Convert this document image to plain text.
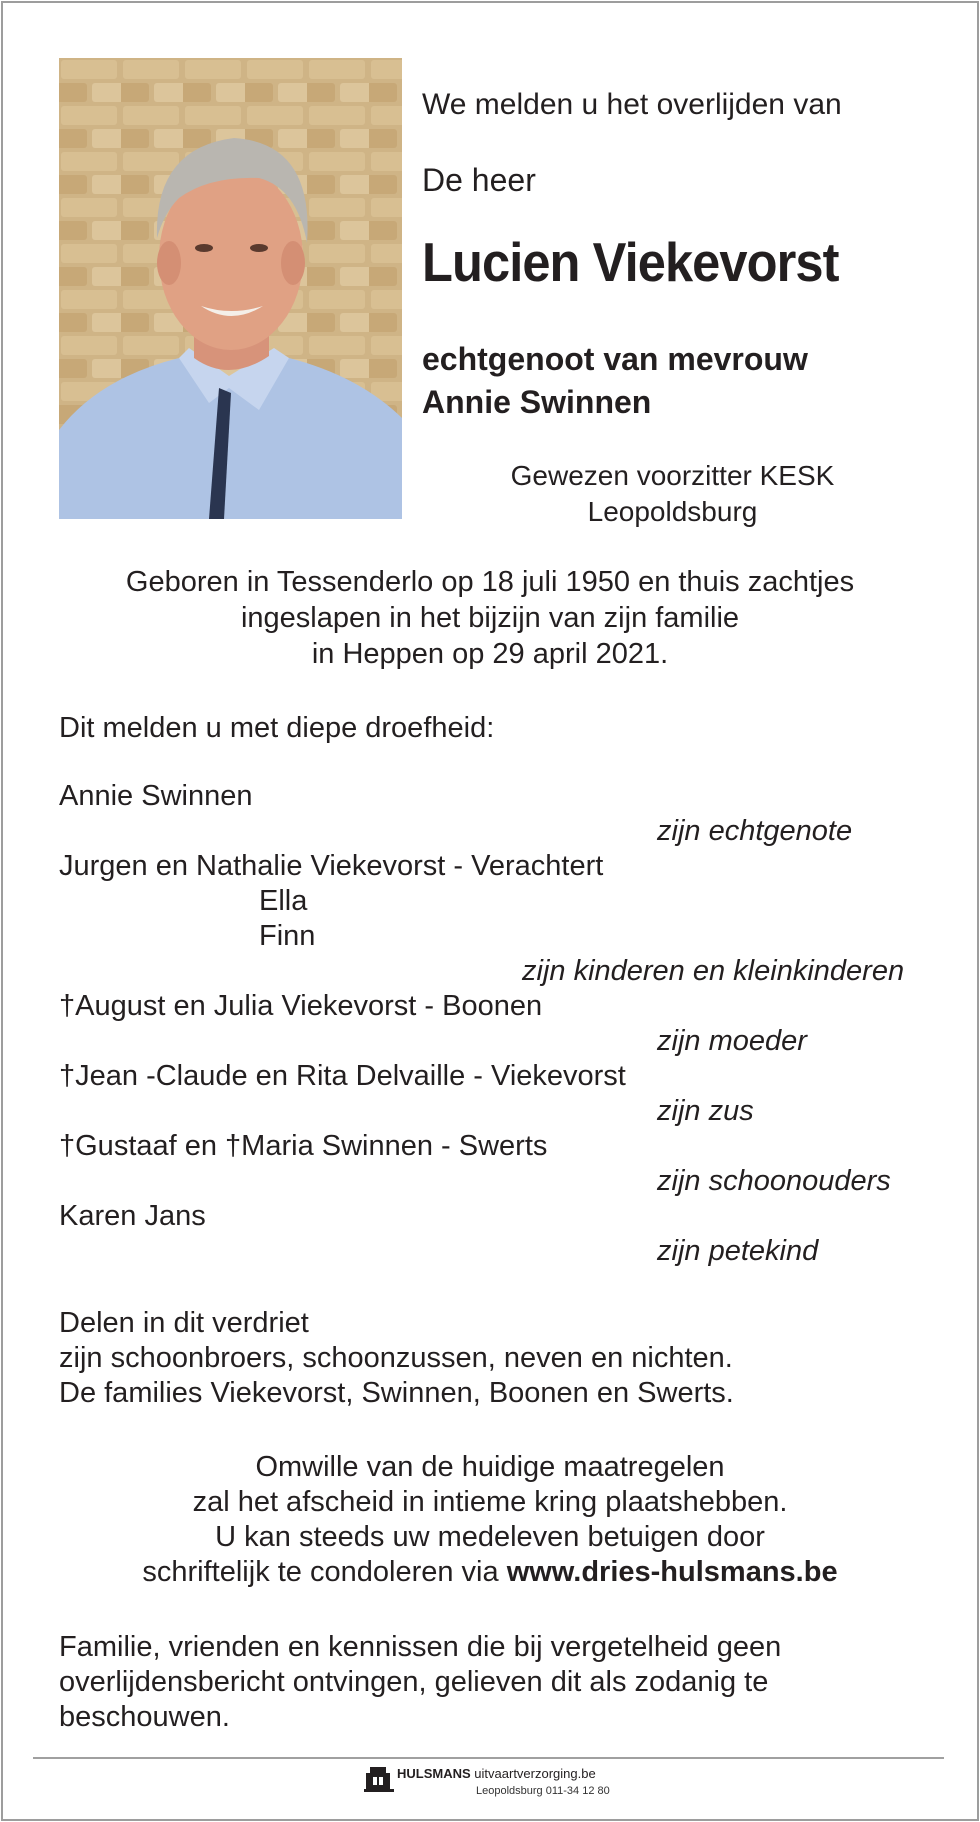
We melden u het overlijden van
De heer
Lucien Viekevorst
echtgenoot van mevrouw
Annie Swinnen
Gewezen voorzitter KESK
Leopoldsburg
Geboren in Tessenderlo op 18 juli 1950 en thuis zachtjes
ingeslapen in het bijzijn van zijn familie
in Heppen op 29 april 2021.
Dit melden u met diepe droefheid:
Annie Swinnen
zijn echtgenote
Jurgen en Nathalie Viekevorst - Verachtert
Ella
Finn
zijn kinderen en kleinkinderen
†August en Julia Viekevorst - Boonen
zijn moeder
†Jean -Claude en Rita Delvaille - Viekevorst
zijn zus
†Gustaaf en †Maria Swinnen - Swerts
zijn schoonouders
Karen Jans
zijn petekind
Delen in dit verdriet
zijn schoonbroers, schoonzussen, neven en nichten.
De families Viekevorst, Swinnen, Boonen en Swerts.
Omwille van de huidige maatregelen
zal het afscheid in intieme kring plaatshebben.
U kan steeds uw medeleven betuigen door
schriftelijk te condoleren via www.dries-hulsmans.be
Familie, vrienden en kennissen die bij vergetelheid geen
overlijdensbericht ontvingen, gelieven dit als zodanig te
beschouwen.
HULSMANS uitvaartverzorging.be
Leopoldsburg 011-34 12 80
